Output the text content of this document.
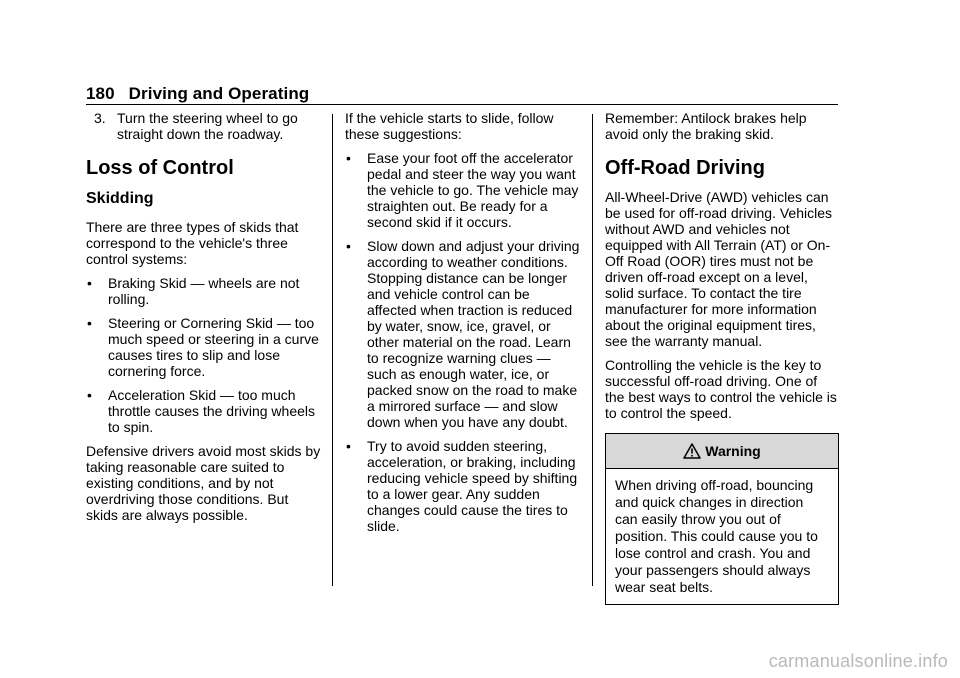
180 Driving and Operating
3. Turn the steering wheel to go straight down the roadway.
Loss of Control
Skidding

There are three types of skids that correspond to the vehicle's three control systems:

• Braking Skid — wheels are not rolling.
• Steering or Cornering Skid — too much speed or steering in a curve causes tires to slip and lose cornering force.
• Acceleration Skid — too much throttle causes the driving wheels to spin.

Defensive drivers avoid most skids by taking reasonable care suited to existing conditions, and by not overdriving those conditions. But skids are always possible.

If the vehicle starts to slide, follow these suggestions:

• Ease your foot off the accelerator pedal and steer the way you want the vehicle to go. The vehicle may straighten out. Be ready for a second skid if it occurs.
• Slow down and adjust your driving according to weather conditions. Stopping distance can be longer and vehicle control can be affected when traction is reduced by water, snow, ice, gravel, or other material on the road. Learn to recognize warning clues — such as enough water, ice, or packed snow on the road to make a mirrored surface — and slow down when you have any doubt.
• Try to avoid sudden steering, acceleration, or braking, including reducing vehicle speed by shifting to a lower gear. Any sudden changes could cause the tires to slide.

Remember: Antilock brakes help avoid only the braking skid.

Off-Road Driving

All-Wheel-Drive (AWD) vehicles can be used for off-road driving. Vehicles without AWD and vehicles not equipped with All Terrain (AT) or On-Off Road (OOR) tires must not be driven off-road except on a level, solid surface. To contact the tire manufacturer for more information about the original equipment tires, see the warranty manual.

Controlling the vehicle is the key to successful off-road driving. One of the best ways to control the vehicle is to control the speed.

Warning
When driving off-road, bouncing and quick changes in direction can easily throw you out of position. This could cause you to lose control and crash. You and your passengers should always wear seat belts.
carmanualsonline.info
